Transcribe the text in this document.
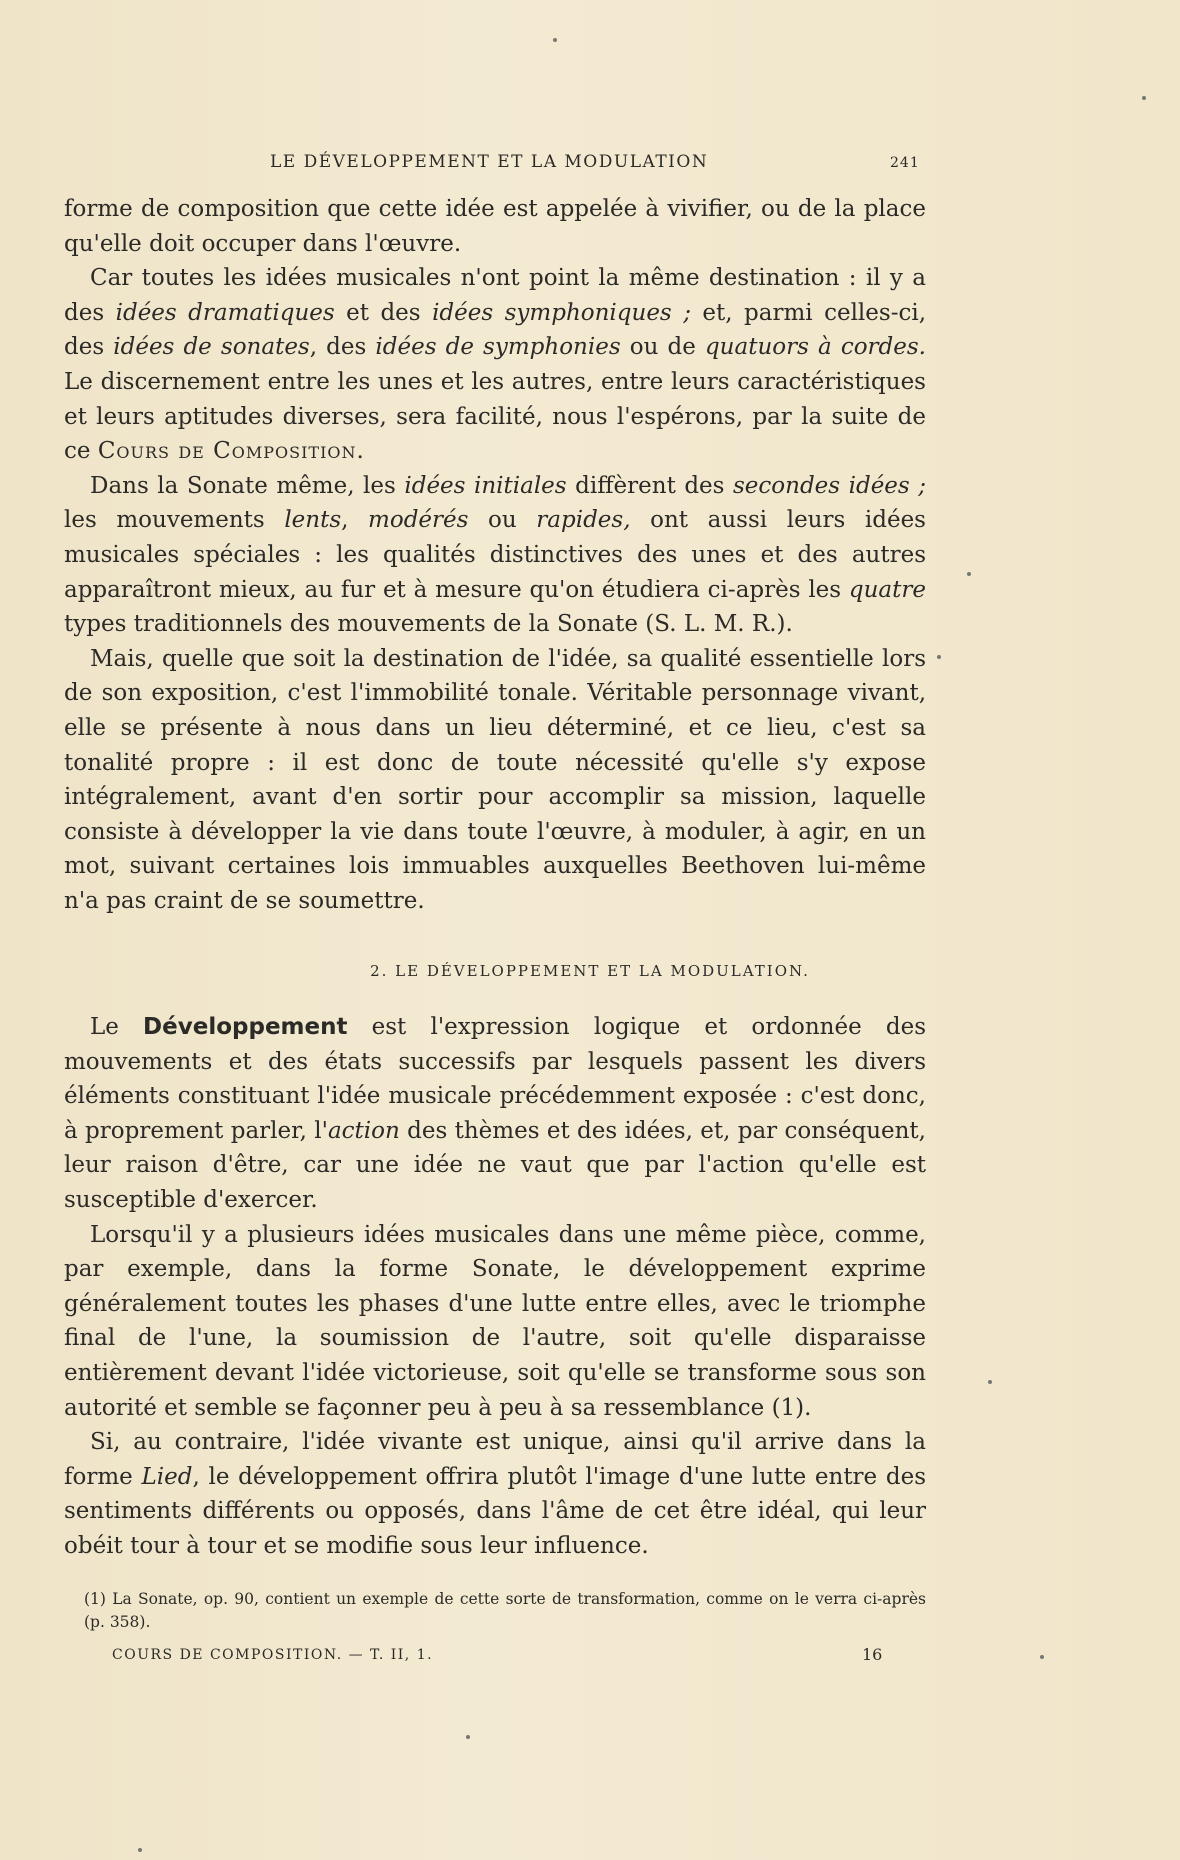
LE DÉVELOPPEMENT ET LA MODULATION	241

forme de composition que cette idée est appelée à vivifier, ou de la place qu'elle doit occuper dans l'œuvre.

Car toutes les idées musicales n'ont point la même destination : il y a des idées dramatiques et des idées symphoniques ; et, parmi celles-ci, des idées de sonates, des idées de symphonies ou de quatuors à cordes. Le discernement entre les unes et les autres, entre leurs caractéristiques et leurs aptitudes diverses, sera facilité, nous l'espérons, par la suite de ce Cours de Composition.

Dans la Sonate même, les idées initiales diffèrent des secondes idées ; les mouvements lents, modérés ou rapides, ont aussi leurs idées musicales spéciales : les qualités distinctives des unes et des autres apparaîtront mieux, au fur et à mesure qu'on étudiera ci-après les quatre types traditionnels des mouvements de la Sonate (S. L. M. R.).

Mais, quelle que soit la destination de l'idée, sa qualité essentielle lors de son exposition, c'est l'immobilité tonale. Véritable personnage vivant, elle se présente à nous dans un lieu déterminé, et ce lieu, c'est sa tonalité propre : il est donc de toute nécessité qu'elle s'y expose intégralement, avant d'en sortir pour accomplir sa mission, laquelle consiste à développer la vie dans toute l'œuvre, à moduler, à agir, en un mot, suivant certaines lois immuables auxquelles Beethoven lui-même n'a pas craint de se soumettre.

2. LE DÉVELOPPEMENT ET LA MODULATION.

Le Développement est l'expression logique et ordonnée des mouvements et des états successifs par lesquels passent les divers éléments constituant l'idée musicale précédemment exposée : c'est donc, à proprement parler, l'action des thèmes et des idées, et, par conséquent, leur raison d'être, car une idée ne vaut que par l'action qu'elle est susceptible d'exercer.

Lorsqu'il y a plusieurs idées musicales dans une même pièce, comme, par exemple, dans la forme Sonate, le développement exprime généralement toutes les phases d'une lutte entre elles, avec le triomphe final de l'une, la soumission de l'autre, soit qu'elle disparaisse entièrement devant l'idée victorieuse, soit qu'elle se transforme sous son autorité et semble se façonner peu à peu à sa ressemblance (1).

Si, au contraire, l'idée vivante est unique, ainsi qu'il arrive dans la forme Lied, le développement offrira plutôt l'image d'une lutte entre des sentiments différents ou opposés, dans l'âme de cet être idéal, qui leur obéit tour à tour et se modifie sous leur influence.

(1) La Sonate, op. 90, contient un exemple de cette sorte de transformation, comme on le verra ci-après (p. 358).
COURS DE COMPOSITION. — T. II, 1.	16
